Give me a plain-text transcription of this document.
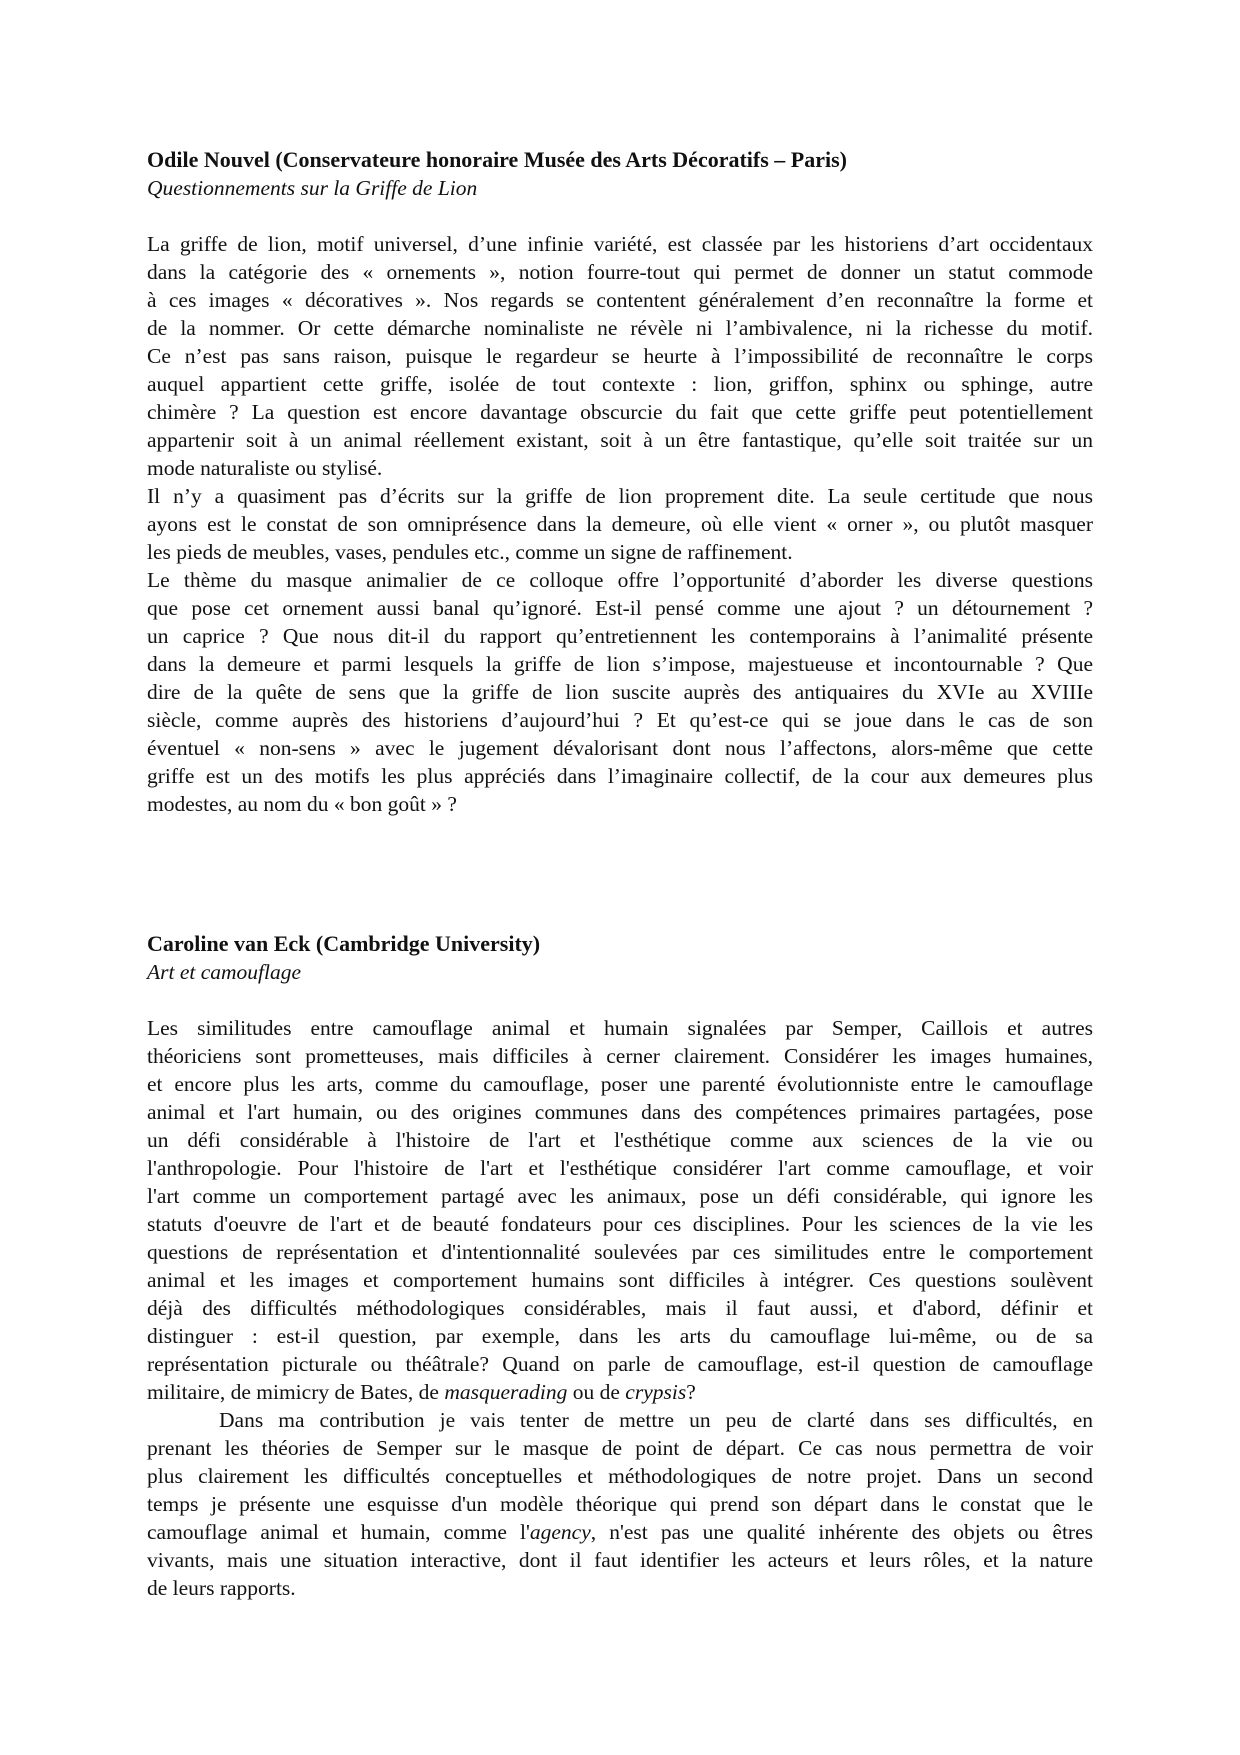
Odile Nouvel (Conservateure honoraire Musée des Arts Décoratifs – Paris)

Questionnements sur la Griffe de Lion

La griffe de lion, motif universel, d’une infinie variété, est classée par les historiens d’art occidentaux
dans la catégorie des « ornements », notion fourre-tout qui permet de donner un statut commode
à ces images « décoratives ». Nos regards se contentent généralement d’en reconnaître la forme et
de la nommer. Or cette démarche nominaliste ne révèle ni l’ambivalence, ni la richesse du motif.
Ce n’est pas sans raison, puisque le regardeur se heurte à l’impossibilité de reconnaître le corps
auquel appartient cette griffe, isolée de tout contexte : lion, griffon, sphinx ou sphinge, autre
chimère ? La question est encore davantage obscurcie du fait que cette griffe peut potentiellement
appartenir soit à un animal réellement existant, soit à un être fantastique, qu’elle soit traitée sur un
mode naturaliste ou stylisé.
Il n’y a quasiment pas d’écrits sur la griffe de lion proprement dite. La seule certitude que nous
ayons est le constat de son omniprésence dans la demeure, où elle vient « orner », ou plutôt masquer
les pieds de meubles, vases, pendules etc., comme un signe de raffinement.
Le thème du masque animalier de ce colloque offre l’opportunité d’aborder les diverse questions
que pose cet ornement aussi banal qu’ignoré. Est-il pensé comme une ajout ? un détournement ?
un caprice ? Que nous dit-il du rapport qu’entretiennent les contemporains à l’animalité présente
dans la demeure et parmi lesquels la griffe de lion s’impose, majestueuse et incontournable ? Que
dire de la quête de sens que la griffe de lion suscite auprès des antiquaires du XVIe au XVIIIe
siècle, comme auprès des historiens d’aujourd’hui ? Et qu’est-ce qui se joue dans le cas de son
éventuel « non-sens » avec le jugement dévalorisant dont nous l’affectons, alors-même que cette
griffe est un des motifs les plus appréciés dans l’imaginaire collectif, de la cour aux demeures plus
modestes, au nom du « bon goût » ?

Caroline van Eck (Cambridge University)

Art et camouflage

Les similitudes entre camouflage animal et humain signalées par Semper, Caillois et autres
théoriciens sont prometteuses, mais difficiles à cerner clairement. Considérer les images humaines,
et encore plus les arts, comme du camouflage, poser une parenté évolutionniste entre le camouflage
animal et l'art humain, ou des origines communes dans des compétences primaires partagées, pose
un défi considérable à l'histoire de l'art et l'esthétique comme aux sciences de la vie ou
l'anthropologie. Pour l'histoire de l'art et l'esthétique considérer l'art comme camouflage, et voir
l'art comme un comportement partagé avec les animaux, pose un défi considérable, qui ignore les
statuts d'oeuvre de l'art et de beauté fondateurs pour ces disciplines. Pour les sciences de la vie les
questions de représentation et d'intentionnalité soulevées par ces similitudes entre le comportement
animal et les images et comportement humains sont difficiles à intégrer. Ces questions soulèvent
déjà des difficultés méthodologiques considérables, mais il faut aussi, et d'abord, définir et
distinguer : est-il question, par exemple, dans les arts du camouflage lui-même, ou de sa
représentation picturale ou théâtrale? Quand on parle de camouflage, est-il question de camouflage
militaire, de mimicry de Bates, de masquerading ou de crypsis?
Dans ma contribution je vais tenter de mettre un peu de clarté dans ses difficultés, en
prenant les théories de Semper sur le masque de point de départ. Ce cas nous permettra de voir
plus clairement les difficultés conceptuelles et méthodologiques de notre projet. Dans un second
temps je présente une esquisse d'un modèle théorique qui prend son départ dans le constat que le
camouflage animal et humain, comme l'agency, n'est pas une qualité inhérente des objets ou êtres
vivants, mais une situation interactive, dont il faut identifier les acteurs et leurs rôles, et la nature
de leurs rapports.
